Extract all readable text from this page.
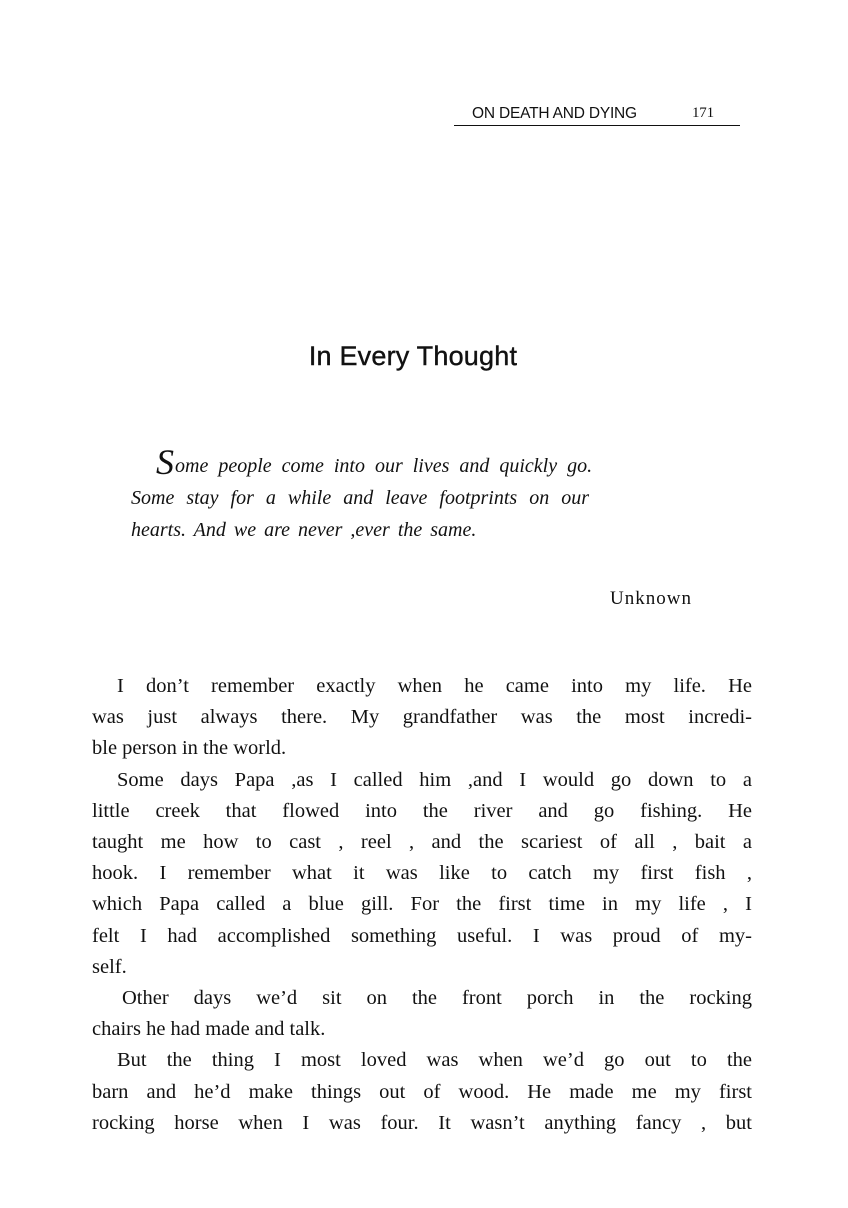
ON DEATH AND DYING	171
In Every Thought
Some people come into our lives and quickly go.
Some stay for a while and leave footprints on our
hearts. And we are never ,ever the same.
Unknown
I don’t remember exactly when he came into my life. He
was just always there. My grandfather was the most incredi-
ble person in the world.
Some days Papa ,as I called him ,and I would go down to a
little creek that flowed into the river and go fishing. He
taught me how to cast , reel , and the scariest of all , bait a
hook. I remember what it was like to catch my first fish ,
which Papa called a blue gill. For the first time in my life , I
felt I had accomplished something useful. I was proud of my-
self.
Other days we’d sit on the front porch in the rocking
chairs he had made and talk.
But the thing I most loved was when we’d go out to the
barn and he’d make things out of wood. He made me my first
rocking horse when I was four. It wasn’t anything fancy , but
